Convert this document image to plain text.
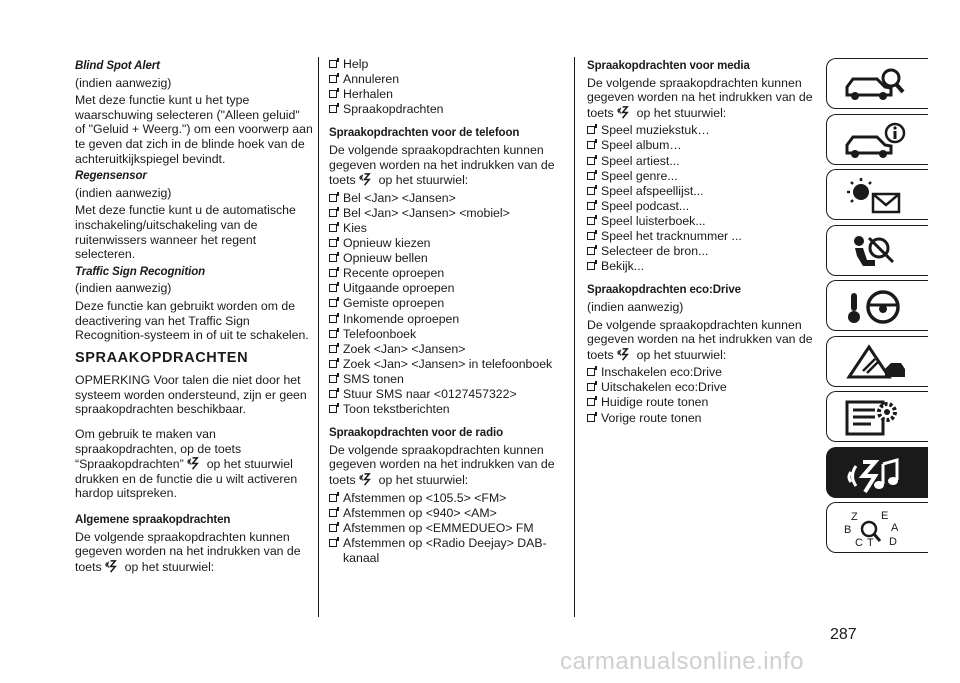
Blind Spot Alert
(indien aanwezig)
Met deze functie kunt u het type waarschuwing selecteren ("Alleen geluid" of "Geluid + Weerg.") om een voorwerp aan te geven dat zich in de blinde hoek van de achteruitkijkspiegel bevindt.
Regensensor
(indien aanwezig)
Met deze functie kunt u de automatische inschakeling/uitschakeling van de ruitenwissers wanneer het regent selecteren.
Traffic Sign Recognition
(indien aanwezig)
Deze functie kan gebruikt worden om de deactivering van het Traffic Sign Recognition-systeem in of uit te schakelen.
SPRAAKOPDRACHTEN
OPMERKING Voor talen die niet door het systeem worden ondersteund, zijn er geen spraakopdrachten beschikbaar.
Om gebruik te maken van spraakopdrachten, op de toets “Spraakopdrachten” op het stuurwiel drukken en de functie die u wilt activeren hardop uitspreken.
Algemene spraakopdrachten
De volgende spraakopdrachten kunnen gegeven worden na het indrukken van de toets op het stuurwiel:
Help
Annuleren
Herhalen
Spraakopdrachten
Spraakopdrachten voor de telefoon
De volgende spraakopdrachten kunnen gegeven worden na het indrukken van de toets op het stuurwiel:
Bel <Jan> <Jansen>
Bel <Jan> <Jansen> <mobiel>
Kies
Opnieuw kiezen
Opnieuw bellen
Recente oproepen
Uitgaande oproepen
Gemiste oproepen
Inkomende oproepen
Telefoonboek
Zoek <Jan> <Jansen>
Zoek <Jan> <Jansen> in telefoonboek
SMS tonen
Stuur SMS naar <0127457322>
Toon tekstberichten
Spraakopdrachten voor de radio
De volgende spraakopdrachten kunnen gegeven worden na het indrukken van de toets op het stuurwiel:
Afstemmen op <105.5> <FM>
Afstemmen op <940> <AM>
Afstemmen op <EMMEDUEO> FM
Afstemmen op <Radio Deejay> DAB-kanaal
Spraakopdrachten voor media
De volgende spraakopdrachten kunnen gegeven worden na het indrukken van de toets op het stuurwiel:
Speel muziekstuk…
Speel album…
Speel artiest...
Speel genre...
Speel afspeellijst...
Speel podcast...
Speel luisterboek...
Speel het tracknummer ...
Selecteer de bron...
Bekijk...
Spraakopdrachten eco:Drive
(indien aanwezig)
De volgende spraakopdrachten kunnen gegeven worden na het indrukken van de toets op het stuurwiel:
Inschakelen eco:Drive
Uitschakelen eco:Drive
Huidige route tonen
Vorige route tonen
Z E
B	A
C T D
287
carmanualsonline.info
